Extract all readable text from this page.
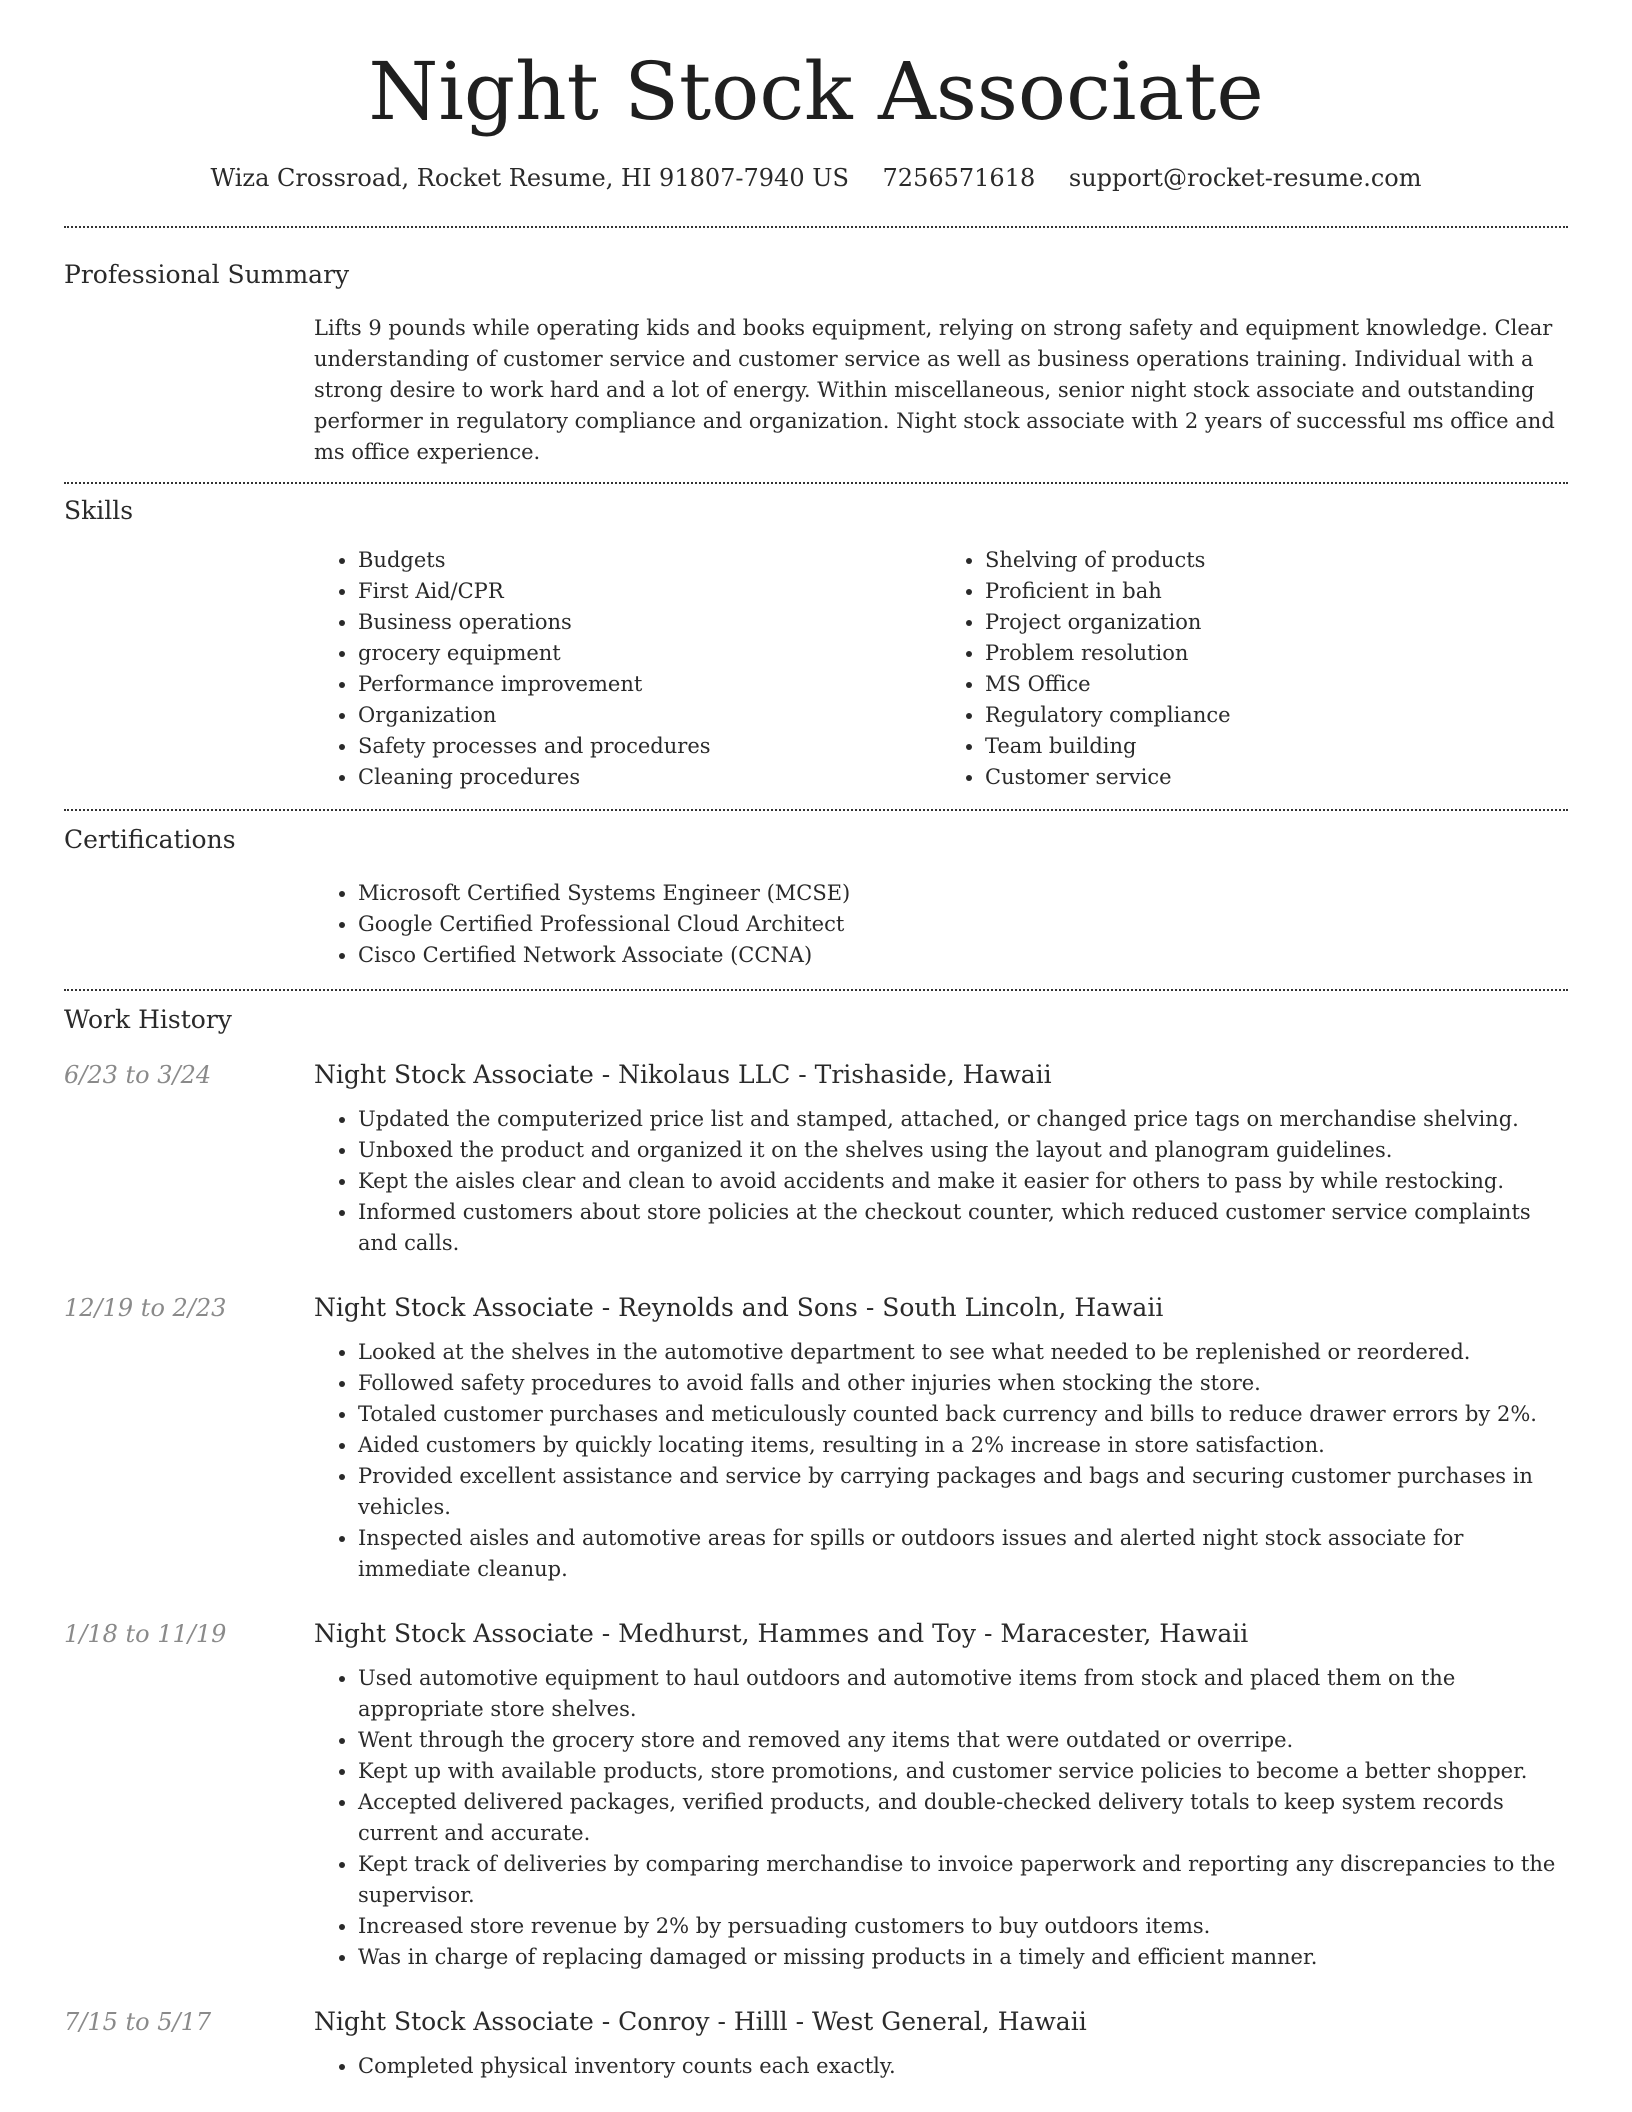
Night Stock Associate
Wiza Crossroad, Rocket Resume, HI 91807-7940 US 7256571618 support@rocket-resume.com
Professional Summary

Lifts 9 pounds while operating kids and books equipment, relying on strong safety and equipment knowledge. Clear understanding of customer service and customer service as well as business operations training. Individual with a strong desire to work hard and a lot of energy. Within miscellaneous, senior night stock associate and outstanding performer in regulatory compliance and organization. Night stock associate with 2 years of successful ms office and ms office experience.

Skills
• Budgets
• First Aid/CPR
• Business operations
• grocery equipment
• Performance improvement
• Organization
• Safety processes and procedures
• Cleaning procedures
• Shelving of products
• Proficient in bah
• Project organization
• Problem resolution
• MS Office
• Regulatory compliance
• Team building
• Customer service
Certifications
• Microsoft Certified Systems Engineer (MCSE)
• Google Certified Professional Cloud Architect
• Cisco Certified Network Associate (CCNA)
Work History
6/23 to 3/24	Night Stock Associate - Nikolaus LLC - Trishaside, Hawaii
• Updated the computerized price list and stamped, attached, or changed price tags on merchandise shelving.
• Unboxed the product and organized it on the shelves using the layout and planogram guidelines.
• Kept the aisles clear and clean to avoid accidents and make it easier for others to pass by while restocking.
• Informed customers about store policies at the checkout counter, which reduced customer service complaints and calls.
12/19 to 2/23	Night Stock Associate - Reynolds and Sons - South Lincoln, Hawaii
• Looked at the shelves in the automotive department to see what needed to be replenished or reordered.
• Followed safety procedures to avoid falls and other injuries when stocking the store.
• Totaled customer purchases and meticulously counted back currency and bills to reduce drawer errors by 2%.
• Aided customers by quickly locating items, resulting in a 2% increase in store satisfaction.
• Provided excellent assistance and service by carrying packages and bags and securing customer purchases in vehicles.
• Inspected aisles and automotive areas for spills or outdoors issues and alerted night stock associate for immediate cleanup.
1/18 to 11/19	Night Stock Associate - Medhurst, Hammes and Toy - Maracester, Hawaii
• Used automotive equipment to haul outdoors and automotive items from stock and placed them on the appropriate store shelves.
• Went through the grocery store and removed any items that were outdated or overripe.
• Kept up with available products, store promotions, and customer service policies to become a better shopper.
• Accepted delivered packages, verified products, and double-checked delivery totals to keep system records current and accurate.
• Kept track of deliveries by comparing merchandise to invoice paperwork and reporting any discrepancies to the supervisor.
• Increased store revenue by 2% by persuading customers to buy outdoors items.
• Was in charge of replacing damaged or missing products in a timely and efficient manner.
7/15 to 5/17	Night Stock Associate - Conroy - Hilll - West General, Hawaii
• Completed physical inventory counts each exactly.
